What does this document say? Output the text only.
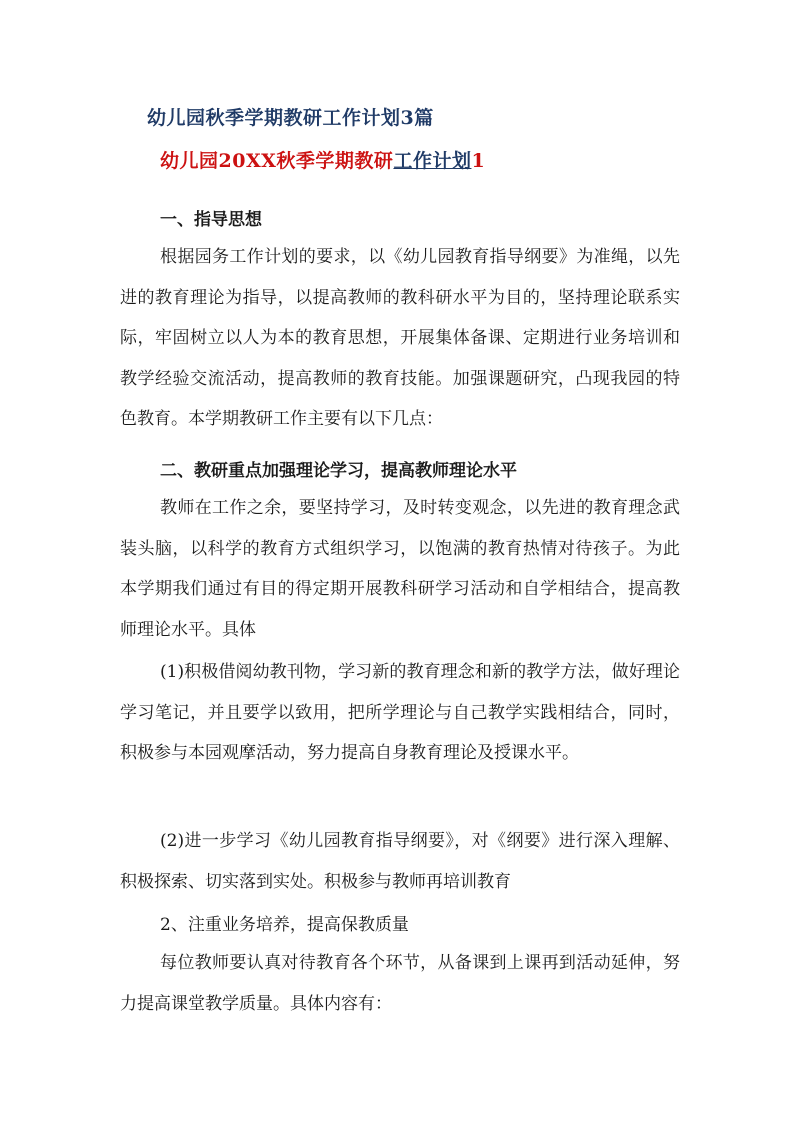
幼儿园秋季学期教研工作计划3篇
幼儿园20XX秋季学期教研工作计划1
一、指导思想
根据园务工作计划的要求，以《幼儿园教育指导纲要》为准绳，以先进的教育理论为指导，以提高教师的教科研水平为目的，坚持理论联系实际，牢固树立以人为本的教育思想，开展集体备课、定期进行业务培训和教学经验交流活动，提高教师的教育技能。加强课题研究，凸现我园的特色教育。本学期教研工作主要有以下几点：
二、教研重点加强理论学习，提高教师理论水平
教师在工作之余，要坚持学习，及时转变观念，以先进的教育理念武装头脑，以科学的教育方式组织学习，以饱满的教育热情对待孩子。为此本学期我们通过有目的得定期开展教科研学习活动和自学相结合，提高教师理论水平。具体
(1)积极借阅幼教刊物，学习新的教育理念和新的教学方法，做好理论学习笔记，并且要学以致用，把所学理论与自己教学实践相结合，同时，积极参与本园观摩活动，努力提高自身教育理论及授课水平。
(2)进一步学习《幼儿园教育指导纲要》，对《纲要》进行深入理解、积极探索、切实落到实处。积极参与教师再培训教育
2、注重业务培养，提高保教质量
每位教师要认真对待教育各个环节，从备课到上课再到活动延伸，努力提高课堂教学质量。具体内容有：
